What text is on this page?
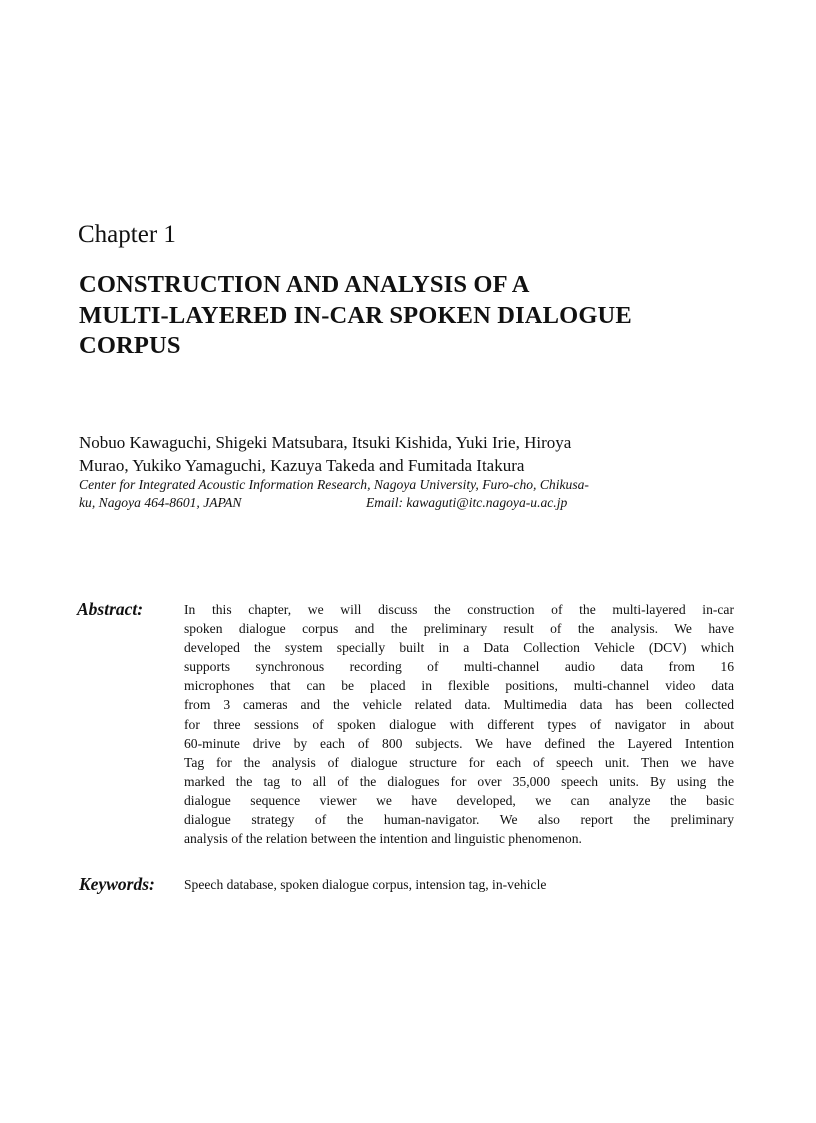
Chapter 1
CONSTRUCTION AND ANALYSIS OF A
MULTI-LAYERED IN-CAR SPOKEN DIALOGUE
CORPUS

Nobuo Kawaguchi, Shigeki Matsubara, Itsuki Kishida, Yuki Irie, Hiroya
Murao, Yukiko Yamaguchi, Kazuya Takeda and Fumitada Itakura

Center for Integrated Acoustic Information Research, Nagoya University, Furo-cho, Chikusa-
ku, Nagoya 464-8601, JAPAN	Email: kawaguti@itc.nagoya-u.ac.jp

Abstract:	In this chapter, we will discuss the construction of the multi-layered in-car
spoken dialogue corpus and the preliminary result of the analysis. We have
developed the system specially built in a Data Collection Vehicle (DCV) which
supports synchronous recording of multi-channel audio data from 16
microphones that can be placed in flexible positions, multi-channel video data
from 3 cameras and the vehicle related data. Multimedia data has been collected
for three sessions of spoken dialogue with different types of navigator in about
60-minute drive by each of 800 subjects. We have defined the Layered Intention
Tag for the analysis of dialogue structure for each of speech unit. Then we have
marked the tag to all of the dialogues for over 35,000 speech units. By using the
dialogue sequence viewer we have developed, we can analyze the basic
dialogue strategy of the human-navigator. We also report the preliminary
analysis of the relation between the intention and linguistic phenomenon.

Keywords: Speech database, spoken dialogue corpus, intension tag, in-vehicle
